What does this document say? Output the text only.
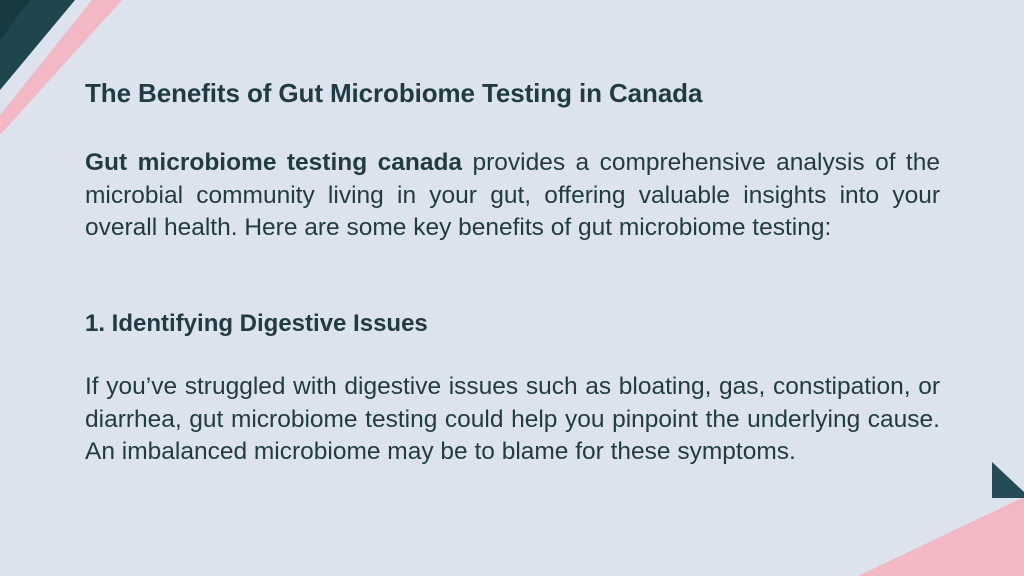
The Benefits of Gut Microbiome Testing in Canada

Gut microbiome testing canada provides a comprehensive analysis of the microbial community living in your gut, offering valuable insights into your overall health. Here are some key benefits of gut microbiome testing:

1. Identifying Digestive Issues

If you’ve struggled with digestive issues such as bloating, gas, constipation, or diarrhea, gut microbiome testing could help you pinpoint the underlying cause. An imbalanced microbiome may be to blame for these symptoms.
